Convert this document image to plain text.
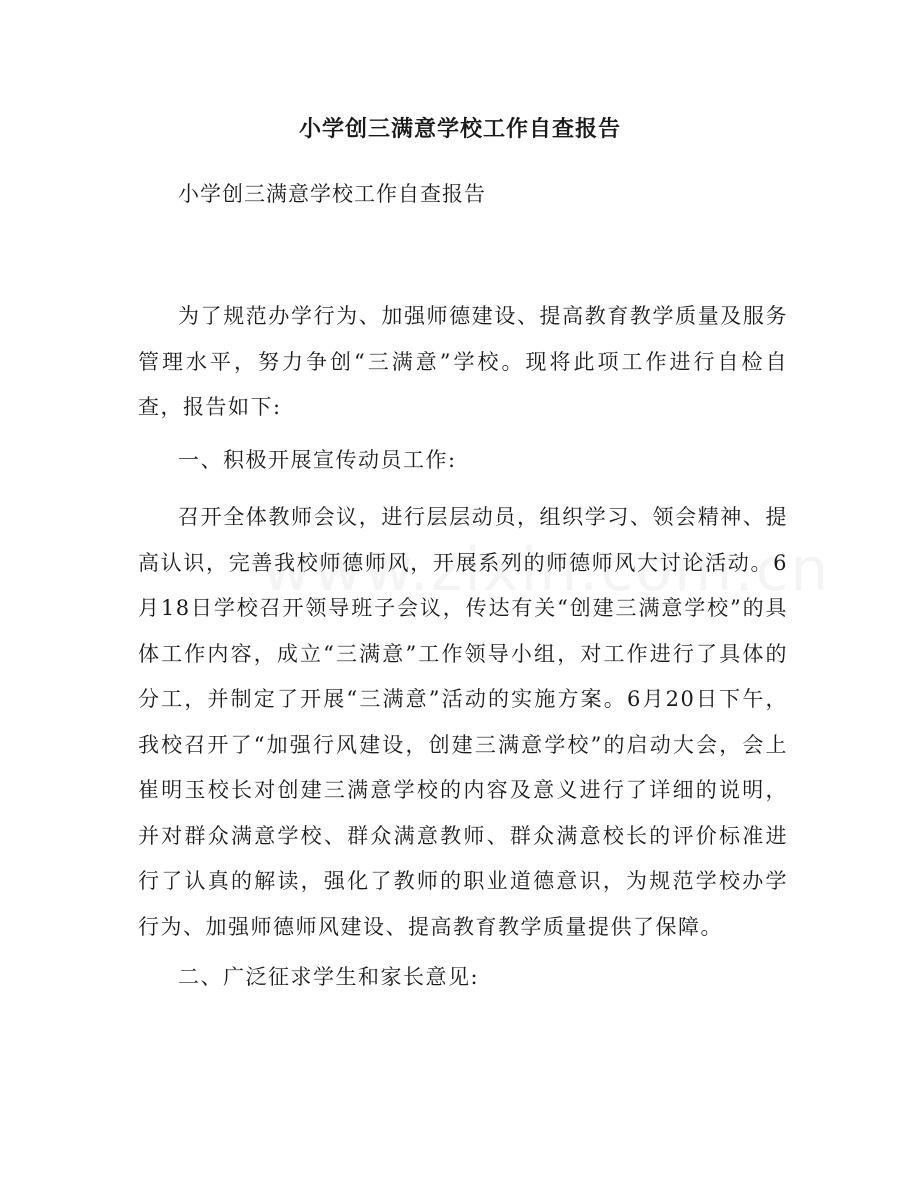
小学创三满意学校工作自查报告
小学创三满意学校工作自查报告
为了规范办学行为、加强师德建设、提高教育教学质量及服务管理水平，努力争创“三满意”学校。现将此项工作进行自检自查，报告如下:
一、积极开展宣传动员工作:
召开全体教师会议，进行层层动员，组织学习、领会精神、提高认识，完善我校师德师风，开展系列的师德师风大讨论活动。6月18日学校召开领导班子会议，传达有关“创建三满意学校”的具体工作内容，成立“三满意”工作领导小组，对工作进行了具体的分工，并制定了开展“三满意”活动的实施方案。6月20日下午，我校召开了“加强行风建设，创建三满意学校”的启动大会，会上崔明玉校长对创建三满意学校的内容及意义进行了详细的说明，并对群众满意学校、群众满意教师、群众满意校长的评价标准进行了认真的解读，强化了教师的职业道德意识，为规范学校办学行为、加强师德师风建设、提高教育教学质量提供了保障。
二、广泛征求学生和家长意见:
